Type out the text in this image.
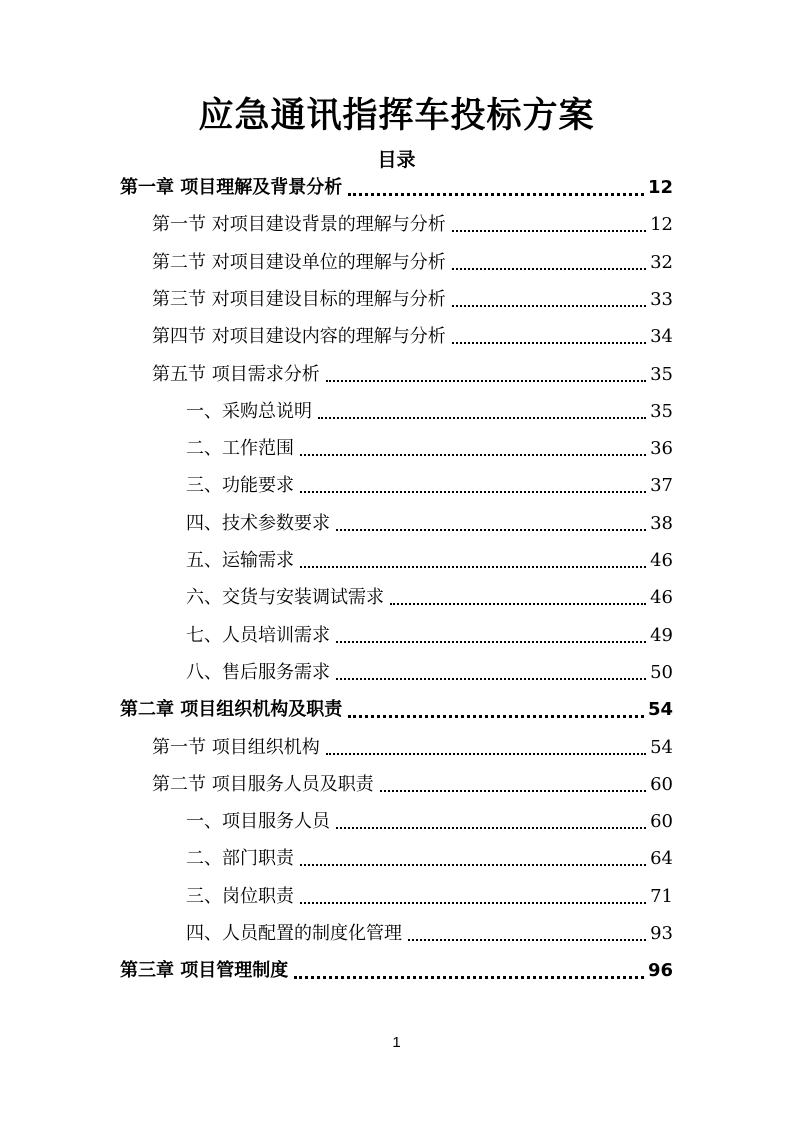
应急通讯指挥车投标方案
目录
第一章 项目理解及背景分析	12
第一节 对项目建设背景的理解与分析	12
第二节 对项目建设单位的理解与分析	32
第三节 对项目建设目标的理解与分析	33
第四节 对项目建设内容的理解与分析	34
第五节 项目需求分析	35
一、采购总说明	35
二、工作范围	36
三、功能要求	37
四、技术参数要求	38
五、运输需求	46
六、交货与安装调试需求	46
七、人员培训需求	49
八、售后服务需求	50
第二章 项目组织机构及职责	54
第一节 项目组织机构	54
第二节 项目服务人员及职责	60
一、项目服务人员	60
二、部门职责	64
三、岗位职责	71
四、人员配置的制度化管理	93
第三章 项目管理制度	96
1
